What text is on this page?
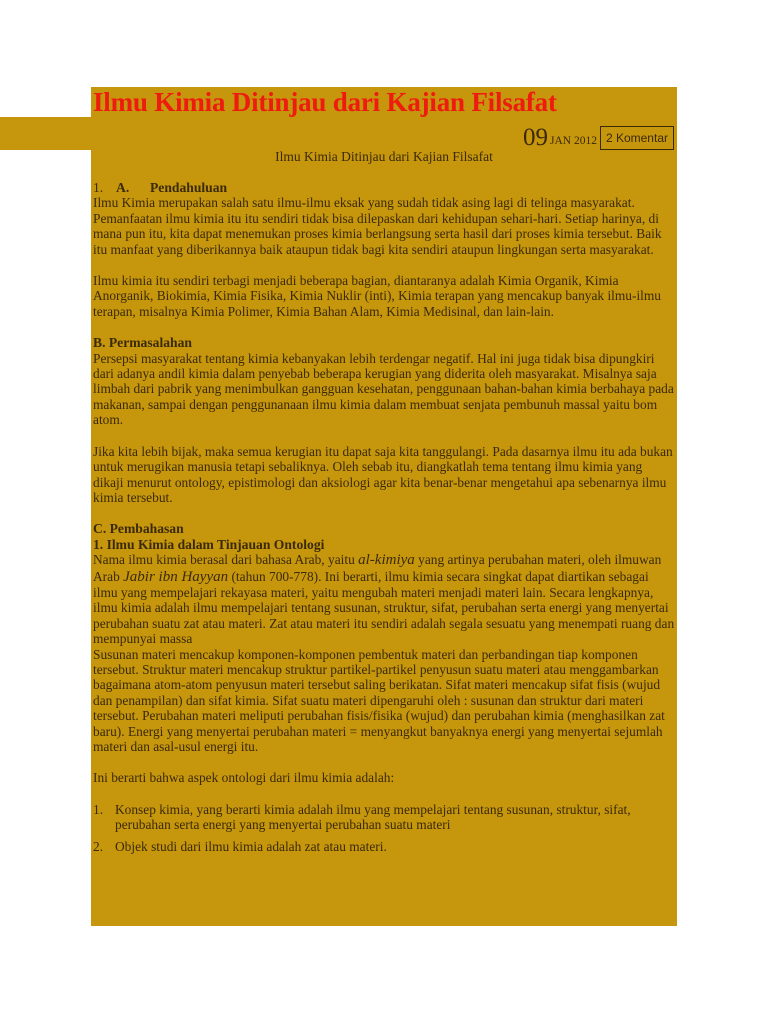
Ilmu Kimia Ditinjau dari Kajian Filsafat
09 JAN 2012 2 Komentar
Ilmu Kimia Ditinjau dari Kajian Filsafat
1. A.	Pendahuluan

Ilmu Kimia merupakan salah satu ilmu-ilmu eksak yang sudah tidak asing lagi di telinga masyarakat. Pemanfaatan ilmu kimia itu itu sendiri tidak bisa dilepaskan dari kehidupan sehari-hari. Setiap harinya, di mana pun itu, kita dapat menemukan proses kimia berlangsung serta hasil dari proses kimia tersebut. Baik itu manfaat yang diberikannya baik ataupun tidak bagi kita sendiri ataupun lingkungan serta masyarakat.

Ilmu kimia itu sendiri terbagi menjadi beberapa bagian, diantaranya adalah Kimia Organik, Kimia Anorganik, Biokimia, Kimia Fisika, Kimia Nuklir (inti), Kimia terapan yang mencakup banyak ilmu-ilmu terapan, misalnya Kimia Polimer, Kimia Bahan Alam, Kimia Medisinal, dan lain-lain.

B. Permasalahan

Persepsi masyarakat tentang kimia kebanyakan lebih terdengar negatif. Hal ini juga tidak bisa dipungkiri dari adanya andil kimia dalam penyebab beberapa kerugian yang diderita oleh masyarakat. Misalnya saja limbah dari pabrik yang menimbulkan gangguan kesehatan, penggunaan bahan-bahan kimia berbahaya pada makanan, sampai dengan penggunanaan ilmu kimia dalam membuat senjata pembunuh massal yaitu bom atom.

Jika kita lebih bijak, maka semua kerugian itu dapat saja kita tanggulangi. Pada dasarnya ilmu itu ada bukan untuk merugikan manusia tetapi sebaliknya. Oleh sebab itu, diangkatlah tema tentang ilmu kimia yang dikaji menurut ontology, epistimologi dan aksiologi agar kita benar-benar mengetahui apa sebenarnya ilmu kimia tersebut.

C. Pembahasan

1. Ilmu Kimia dalam Tinjauan Ontologi

Nama ilmu kimia berasal dari bahasa Arab, yaitu al-kimiya yang artinya perubahan materi, oleh ilmuwan Arab Jabir ibn Hayyan (tahun 700-778). Ini berarti, ilmu kimia secara singkat dapat diartikan sebagai ilmu yang mempelajari rekayasa materi, yaitu mengubah materi menjadi materi lain. Secara lengkapnya, ilmu kimia adalah ilmu mempelajari tentang susunan, struktur, sifat, perubahan serta energi yang menyertai perubahan suatu zat atau materi. Zat atau materi itu sendiri adalah segala sesuatu yang menempati ruang dan mempunyai massa

Susunan materi mencakup komponen-komponen pembentuk materi dan perbandingan tiap komponen tersebut. Struktur materi mencakup struktur partikel-partikel penyusun suatu materi atau menggambarkan bagaimana atom-atom penyusun materi tersebut saling berikatan. Sifat materi mencakup sifat fisis (wujud dan penampilan) dan sifat kimia. Sifat suatu materi dipengaruhi oleh : susunan dan struktur dari materi tersebut. Perubahan materi meliputi perubahan fisis/fisika (wujud) dan perubahan kimia (menghasilkan zat baru). Energi yang menyertai perubahan materi = menyangkut banyaknya energi yang menyertai sejumlah materi dan asal-usul energi itu.

Ini berarti bahwa aspek ontologi dari ilmu kimia adalah:

1. Konsep kimia, yang berarti kimia adalah ilmu yang mempelajari tentang susunan, struktur, sifat, perubahan serta energi yang menyertai perubahan suatu materi
2. Objek studi dari ilmu kimia adalah zat atau materi.
